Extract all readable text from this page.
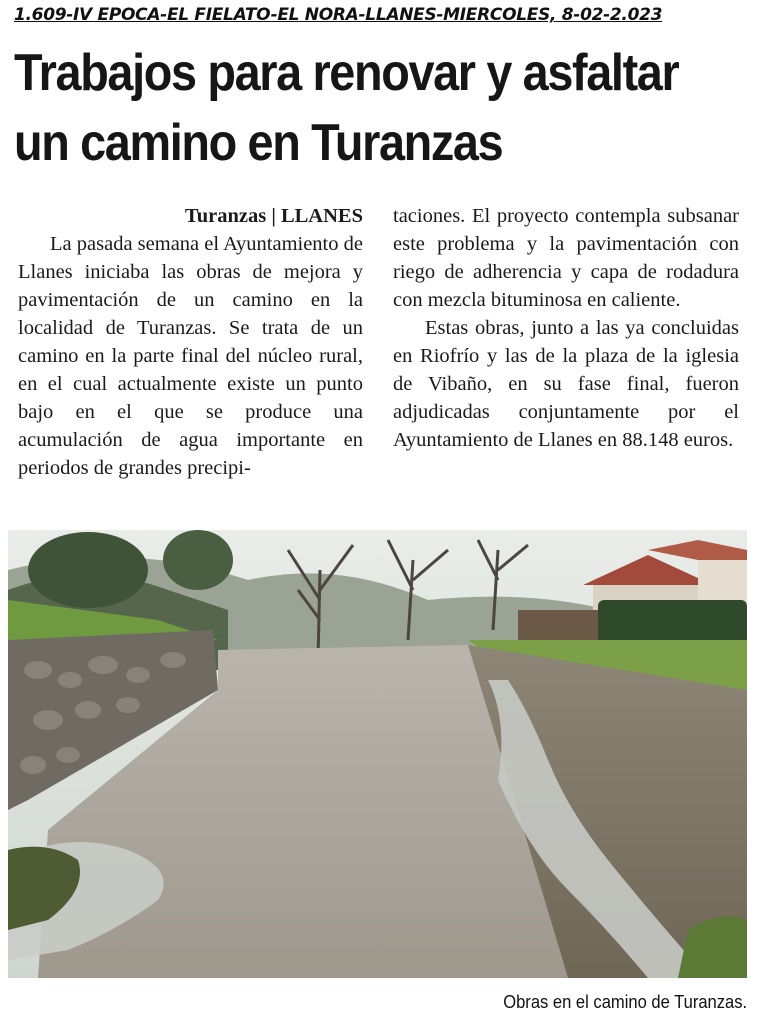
1.609-IV EPOCA-EL FIELATO-EL NORA-LLANES-MIERCOLES, 8-02-2.023
Trabajos para renovar y asfaltar
un camino en Turanzas

Turanzas | LLANES

La pasada semana el Ayuntamiento de Llanes iniciaba las obras de mejora y pavimentación de un camino en la localidad de Turanzas. Se trata de un camino en la parte final del núcleo rural, en el cual actualmente existe un punto bajo en el que se produce una acumulación de agua importante en periodos de grandes precipi-

taciones. El proyecto contempla subsanar este problema y la pavimentación con riego de adherencia y capa de rodadura con mezcla bituminosa en caliente.

Estas obras, junto a las ya concluidas en Riofrío y las de la plaza de la iglesia de Vibaño, en su fase final, fueron adjudicadas conjuntamente por el Ayuntamiento de Llanes en 88.148 euros.

Obras en el camino de Turanzas.
